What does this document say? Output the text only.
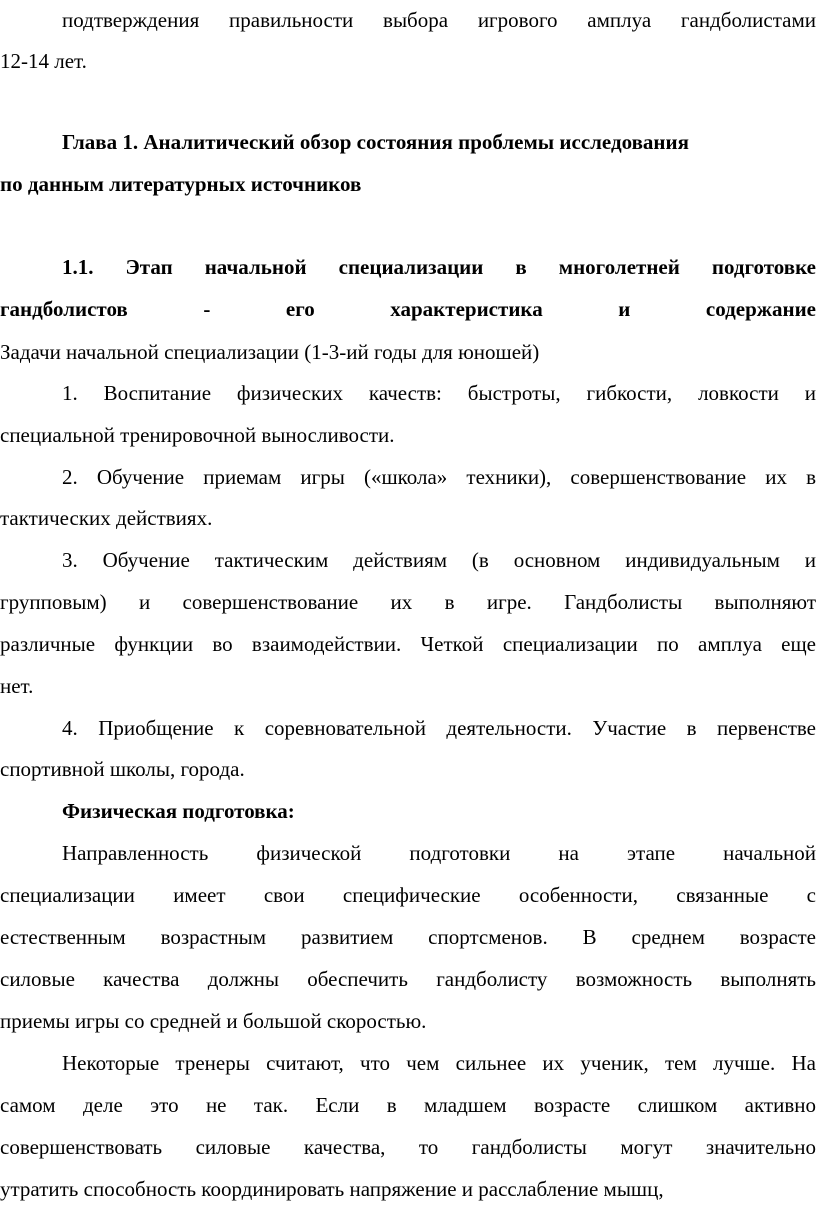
подтверждения правильности выбора игрового амплуа гандболистами
12-14 лет.
Глава 1. Аналитический обзор состояния проблемы исследования
по данным литературных источников
1.1. Этап начальной специализации в многолетней подготовке
гандболистов - его характеристика и содержание
Задачи начальной специализации (1-3-ий годы для юношей)
1. Воспитание физических качеств: быстроты, гибкости, ловкости и
специальной тренировочной выносливости.
2. Обучение приемам игры («школа» техники), совершенствование их в
тактических действиях.
3. Обучение тактическим действиям (в основном индивидуальным и
групповым) и совершенствование их в игре. Гандболисты выполняют
различные функции во взаимодействии. Четкой специализации по амплуа еще
нет.
4. Приобщение к соревновательной деятельности. Участие в первенстве
спортивной школы, города.
Физическая подготовка:
Направленность физической подготовки на этапе начальной
специализации имеет свои специфические особенности, связанные с
естественным возрастным развитием спортсменов. В среднем возрасте
силовые качества должны обеспечить гандболисту возможность выполнять
приемы игры со средней и большой скоростью.
Некоторые тренеры считают, что чем сильнее их ученик, тем лучше. На
самом деле это не так. Если в младшем возрасте слишком активно
совершенствовать силовые качества, то гандболисты могут значительно
утратить способность координировать напряжение и расслабление мышц,
